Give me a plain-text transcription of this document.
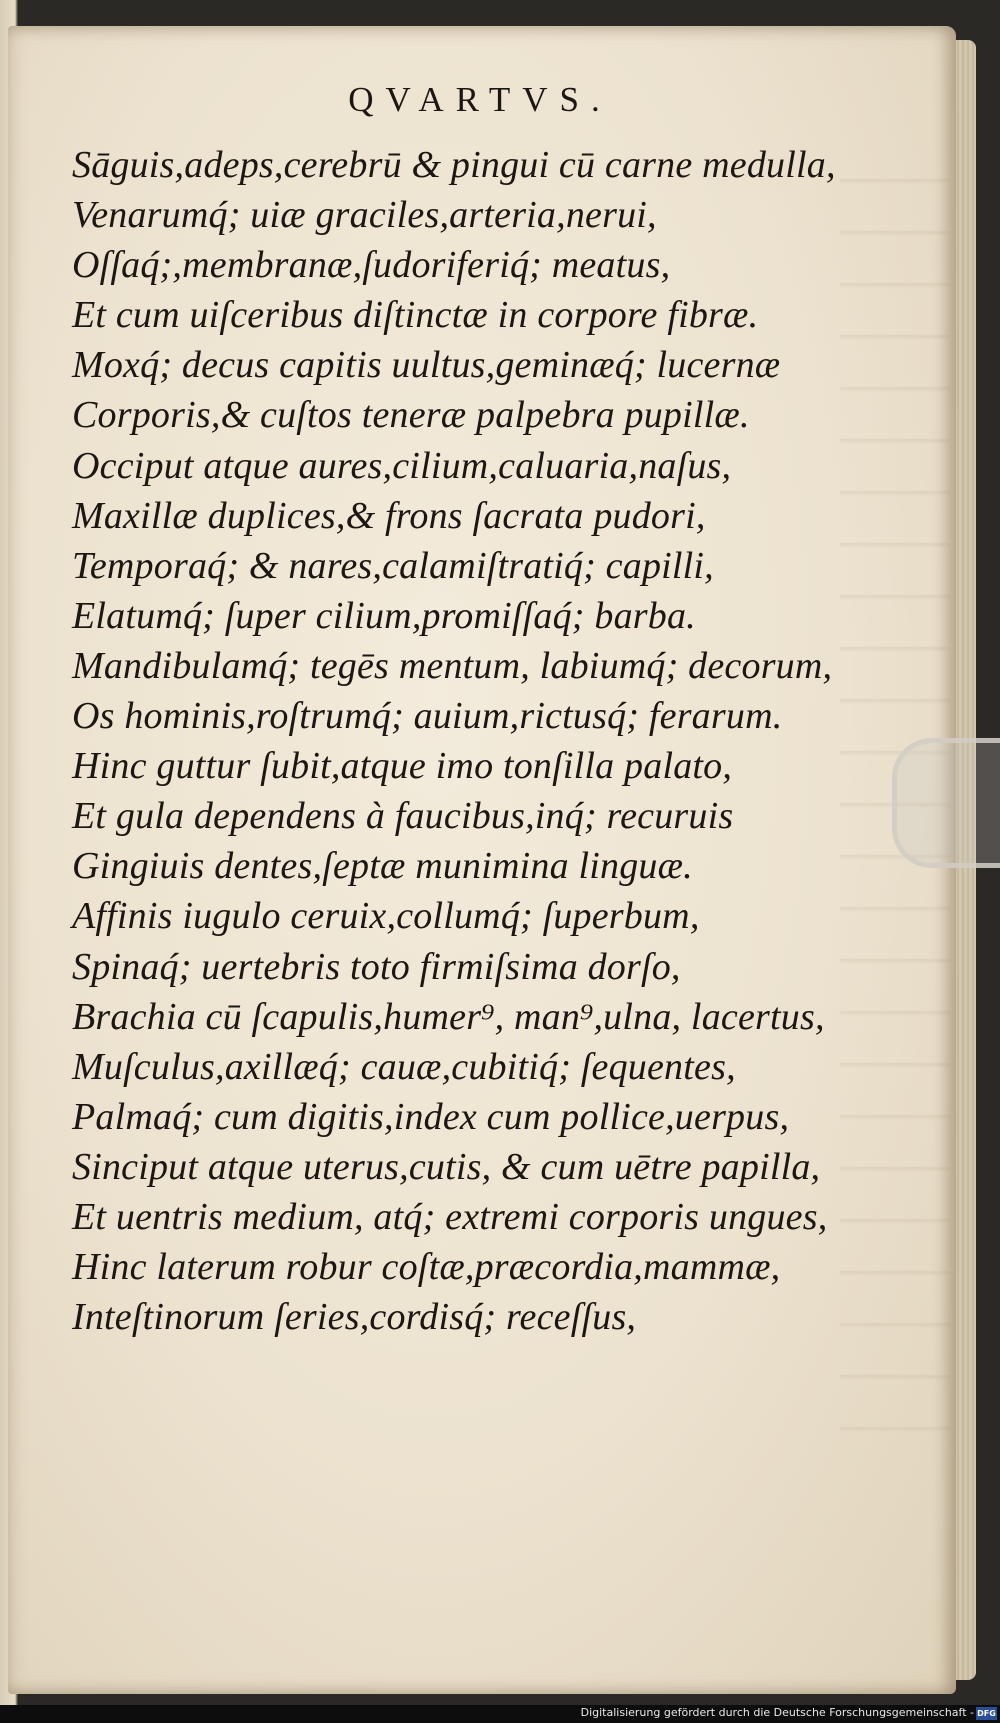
QVARTVS.
Sāguis,adeps,cerebrū & pingui cū carne medulla,
Venarumq́; uiæ graciles,arteria,nerui,
Oſſaq́;,membranæ,ſudoriferiq́; meatus,
Et cum uiſceribus diſtinctæ in corpore fibræ.
Moxq́; decus capitis uultus,geminæq́; lucernæ
Corporis,& cuſtos teneræ palpebra pupillæ.
Occiput atque aures,cilium,caluaria,naſus,
Maxillæ duplices,& frons ſacrata pudori,
Temporaq́; & nares,calamiſtratiq́; capilli,
Elatumq́; ſuper cilium,promiſſaq́; barba.
Mandibulamq́; tegēs mentum, labiumq́; decorum,
Os hominis,roſtrumq́; auium,rictusq́; ferarum.
Hinc guttur ſubit,atque imo tonſilla palato,
Et gula dependens à faucibus,inq́; recuruis
Gingiuis dentes,ſeptæ munimina linguæ.
Affinis iugulo ceruix,collumq́; ſuperbum,
Spinaq́; uertebris toto firmiſsima dorſo,
Brachia cū ſcapulis,humer⁹, man⁹,ulna, lacertus,
Muſculus,axillæq́; cauæ,cubitiq́; ſequentes,
Palmaq́; cum digitis,index cum pollice,uerpus,
Sinciput atque uterus,cutis, & cum uētre papilla,
Et uentris medium, atq́; extremi corporis ungues,
Hinc laterum robur coſtæ,præcordia,mammæ,
Inteſtinorum ſeries,cordisq́; receſſus,
Digitalisierung gefördert durch die Deutsche Forschungsgemeinschaft - DFG
